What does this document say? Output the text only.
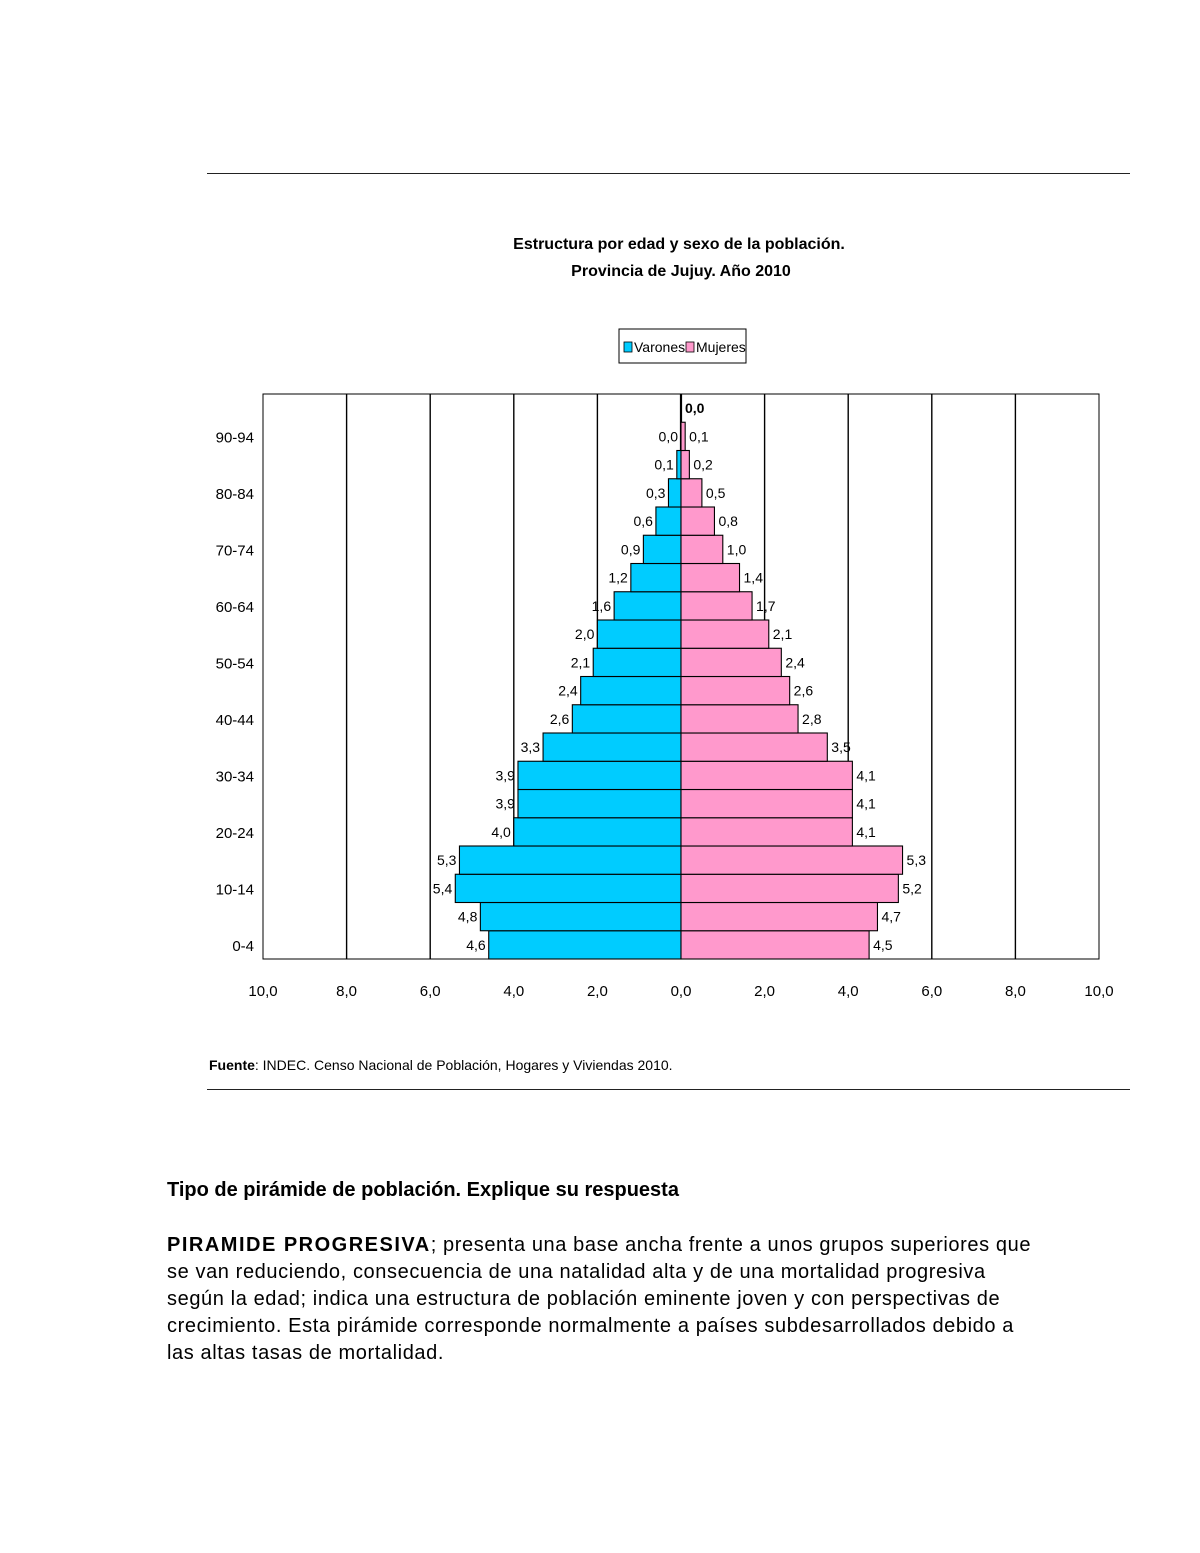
Estructura por edad y sexo de la población.
Provincia de Jujuy. Año 2010
Varones Mujeres
4,6
4,8
5,4
5,3
4,0
3,9
3,9
3,3
2,6
2,4
2,1
2,0
1,6
1,2
0,9
0,6
0,3
0,1
0,0
4,5
4,7
5,2
5,3
4,1
4,1
4,1
3,5
2,8
2,6
2,4
2,1
1,7
1,4
1,0
0,8
0,5
0,2
0,1
0,0
0-4
10-14
20-24
30-34
40-44
50-54
60-64
70-74
80-84
90-94
10,0	8,0	6,0	4,0	2,0	0,0	2,0	4,0	6,0	8,0	10,0
Fuente: INDEC. Censo Nacional de Población, Hogares y Viviendas 2010.

Tipo de pirámide de población. Explique su respuesta

PIRAMIDE PROGRESIVA; presenta una base ancha frente a unos grupos superiores que se van reduciendo, consecuencia de una natalidad alta y de una mortalidad progresiva según la edad; indica una estructura de población eminente joven y con perspectivas de crecimiento. Esta pirámide corresponde normalmente a países subdesarrollados debido a las altas tasas de mortalidad.
